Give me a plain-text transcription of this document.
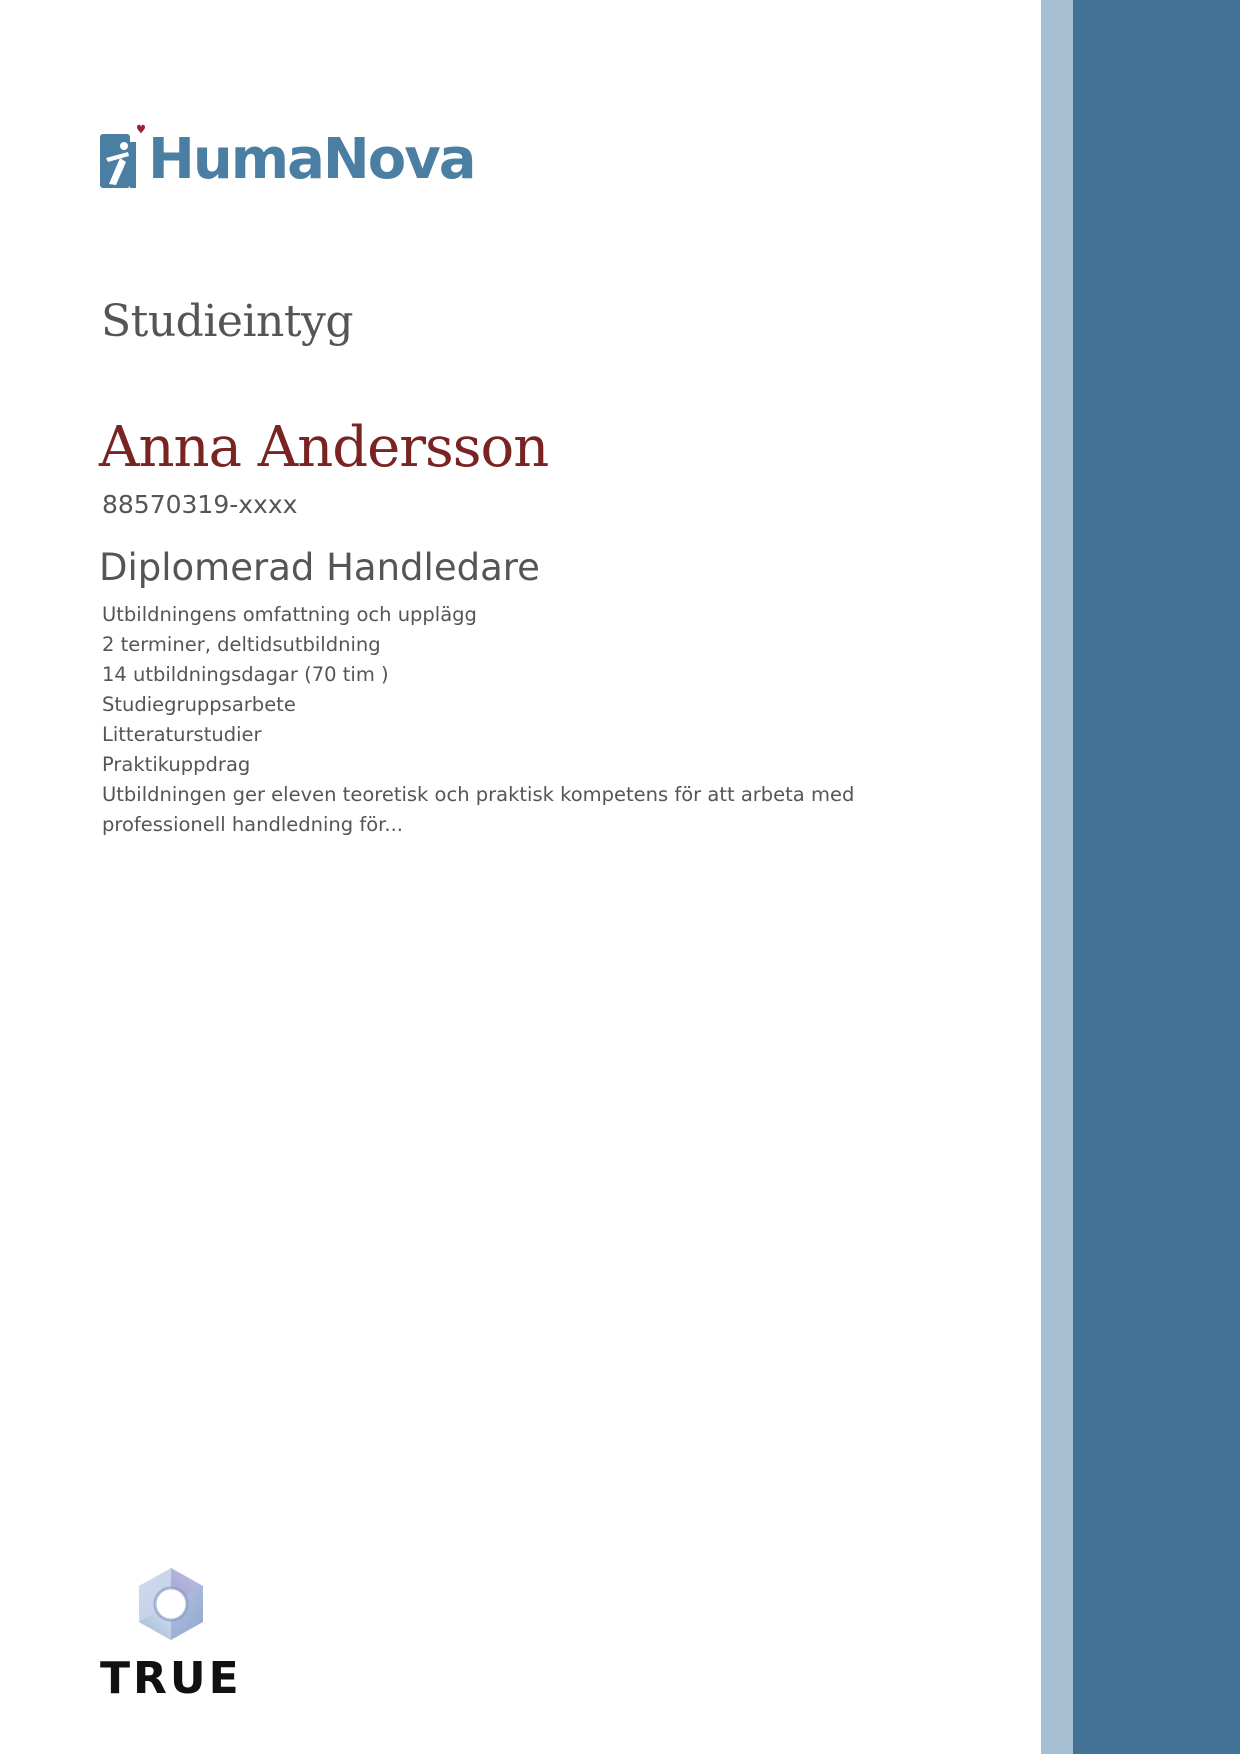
HumaNova
Studieintyg
Anna Andersson
88570319-xxxx
Diplomerad Handledare
Utbildningens omfattning och upplägg
2 terminer, deltidsutbildning
14 utbildningsdagar (70 tim )
Studiegruppsarbete
Litteraturstudier
Praktikuppdrag
Utbildningen ger eleven teoretisk och praktisk kompetens för att arbeta med professionell handledning för...
TRUE
